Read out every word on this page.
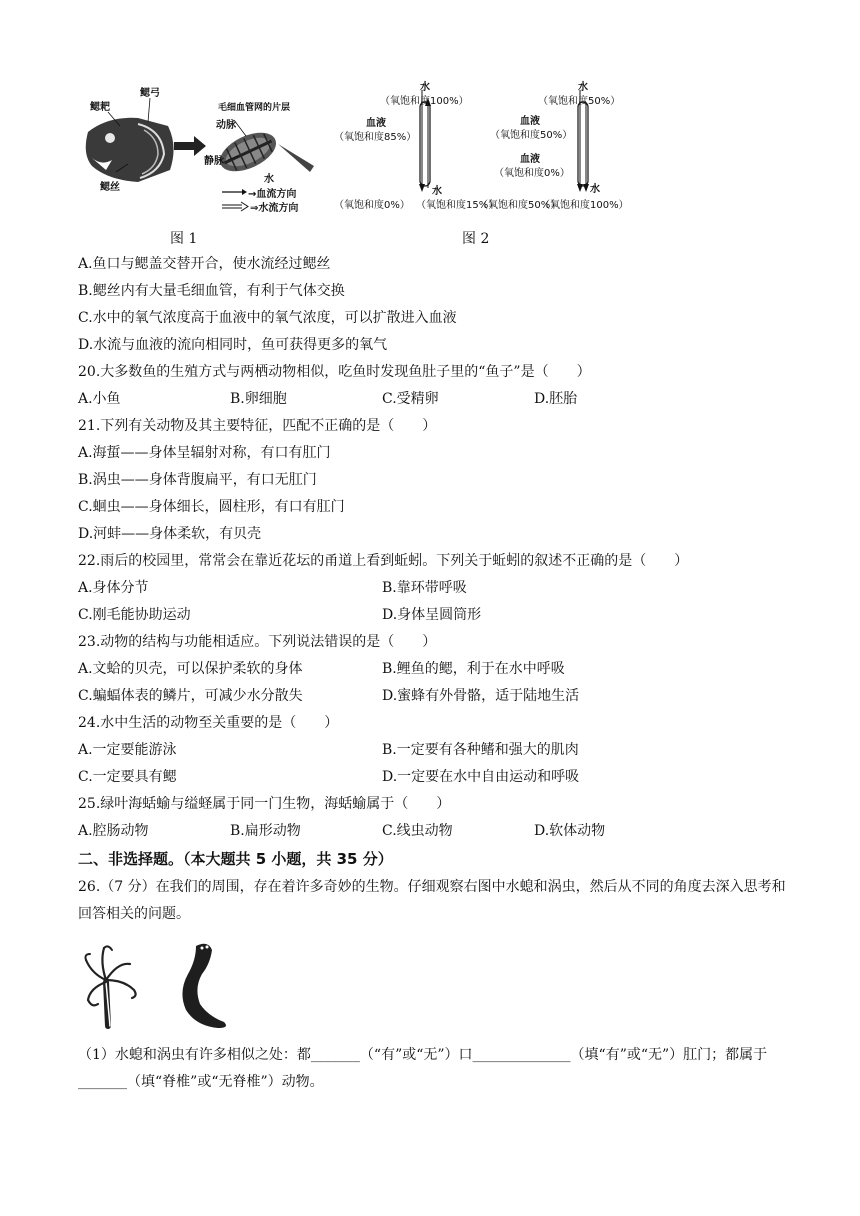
鳃耙
鳃弓
鳃丝
毛细血管网的片层
动脉
静脉
水
→血流方向
⇒水流方向
水
（氧饱和度100%）
血液
（氧饱和度85%）
水
（氧饱和度0%） （氧饱和度15%）
水
（氧饱和度50%）
血液
（氧饱和度50%）
血液
（氧饱和度0%）
水
（氧饱和度50%）
（氧饱和度100%）
图 1	图 2
A.鱼口与鳃盖交替开合，使水流经过鳃丝
B.鳃丝内有大量毛细血管，有利于气体交换
C.水中的氧气浓度高于血液中的氧气浓度，可以扩散进入血液
D.水流与血液的流向相同时，鱼可获得更多的氧气
20.大多数鱼的生殖方式与两栖动物相似，吃鱼时发现鱼肚子里的“鱼子”是（　　）
A.小鱼	B.卵细胞	C.受精卵	D.胚胎
21.下列有关动物及其主要特征，匹配不正确的是（　　）
A.海蜇——身体呈辐射对称，有口有肛门
B.涡虫——身体背腹扁平，有口无肛门
C.蛔虫——身体细长，圆柱形，有口有肛门
D.河蚌——身体柔软，有贝壳
22.雨后的校园里，常常会在靠近花坛的甬道上看到蚯蚓。下列关于蚯蚓的叙述不正确的是（　　）
A.身体分节	B.靠环带呼吸
C.刚毛能协助运动	D.身体呈圆筒形
23.动物的结构与功能相适应。下列说法错误的是（　　）
A.文蛤的贝壳，可以保护柔软的身体	B.鲤鱼的鳃，利于在水中呼吸
C.蝙蝠体表的鳞片，可减少水分散失	D.蜜蜂有外骨骼，适于陆地生活
24.水中生活的动物至关重要的是（　　）
A.一定要能游泳	B.一定要有各种鳍和强大的肌肉
C.一定要具有鳃	D.一定要在水中自由运动和呼吸
25.绿叶海蛞蝓与缢蛏属于同一门生物，海蛞蝓属于（　　）
A.腔肠动物	B.扁形动物	C.线虫动物	D.软体动物
二、非选择题。（本大题共 5 小题，共 35 分）
26.（7 分）在我们的周围，存在着许多奇妙的生物。仔细观察右图中水螅和涡虫，然后从不同的角度去深入思考和回答相关的问题。
（1）水螅和涡虫有许多相似之处：都_______（“有”或“无”）口______________（填“有”或“无”）肛门；都属于_______（填“脊椎”或“无脊椎”）动物。
